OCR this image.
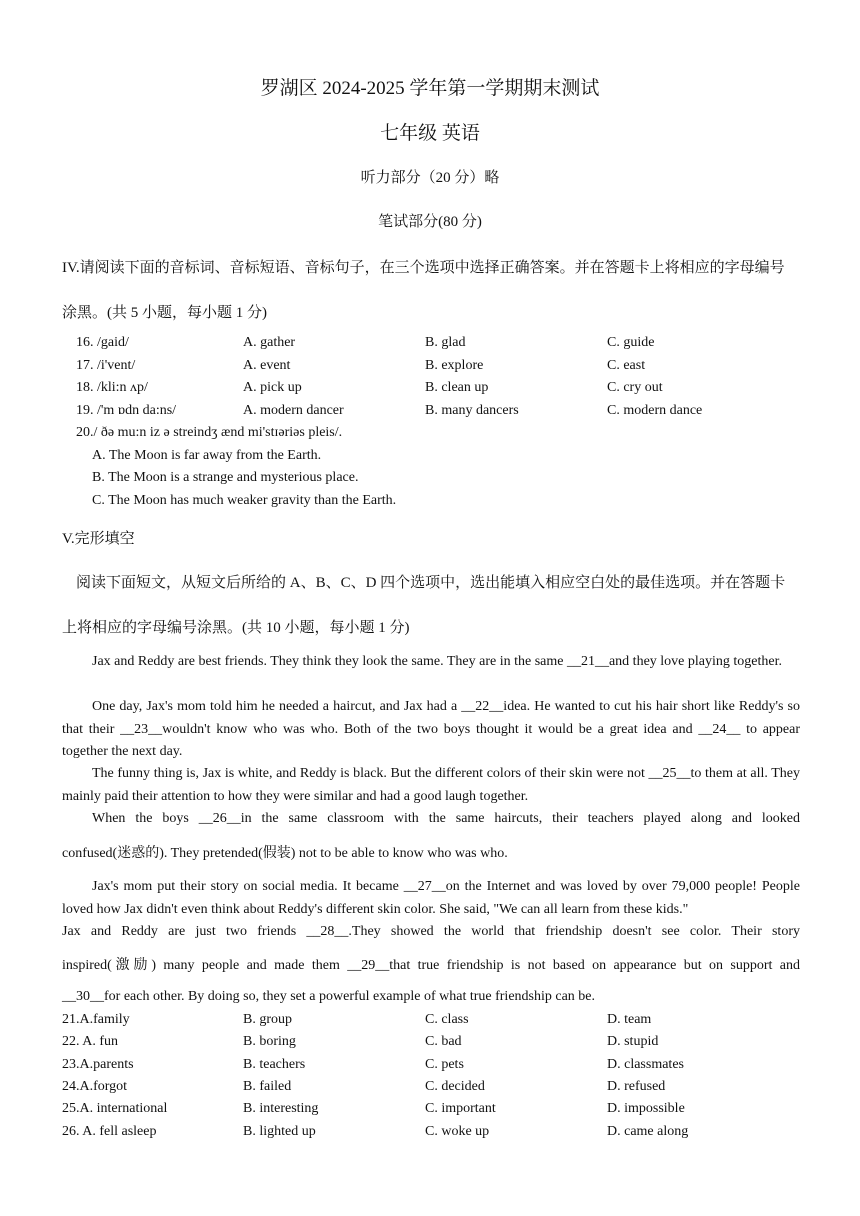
罗湖区 2024-2025 学年第一学期期末测试
七年级 英语
听力部分（20 分）略
笔试部分(80 分)
IV.请阅读下面的音标词、音标短语、音标句子，在三个选项中选择正确答案。并在答题卡上将相应的字母编号
涂黑。(共 5 小题，每小题 1 分)
16. /gaid/	A. gather	B. glad	C. guide
17. /i'vent/	A. event	B. explore	C. east
18. /kli:n ʌp/	A. pick up	B. clean up	C. cry out
19. /'m ɒdn da:ns/	A. modern dancer	B. many dancers	C. modern dance
20./ ðə mu:n iz ə streindʒ ænd mi'stɪəriəs pleis/.
A. The Moon is far away from the Earth.
B. The Moon is a strange and mysterious place.
C. The Moon has much weaker gravity than the Earth.
V.完形填空
阅读下面短文，从短文后所给的 A、B、C、D 四个选项中，选出能填入相应空白处的最佳选项。并在答题卡
上将相应的字母编号涂黑。(共 10 小题，每小题 1 分)
Jax and Reddy are best friends. They think they look the same. They are in the same __21__and they love playing together.
One day, Jax's mom told him he needed a haircut, and Jax had a __22__idea. He wanted to cut his hair short like Reddy's so that their __23__wouldn't know who was who. Both of the two boys thought it would be a great idea and __24__ to appear together the next day.
The funny thing is, Jax is white, and Reddy is black. But the different colors of their skin were not __25__to them at all. They mainly paid their attention to how they were similar and had a good laugh together.
When the boys __26__in the same classroom with the same haircuts, their teachers played along and looked
confused(迷惑的). They pretended(假装) not to be able to know who was who.
Jax's mom put their story on social media. It became __27__on the Internet and was loved by over 79,000 people! People loved how Jax didn't even think about Reddy's different skin color. She said, "We can all learn from these kids."
Jax and Reddy are just two friends __28__.They showed the world that friendship doesn't see color. Their story
inspired(激励) many people and made them __29__that true friendship is not based on appearance but on support and
__30__for each other. By doing so, they set a powerful example of what true friendship can be.
21.A.family	B. group	C. class	D. team
22. A. fun	B. boring	C. bad	D. stupid
23.A.parents	B. teachers	C. pets	D. classmates
24.A.forgot	B. failed	C. decided	D. refused
25.A. international	B. interesting	C. important	D. impossible
26. A. fell asleep	B. lighted up	C. woke up	D. came along
